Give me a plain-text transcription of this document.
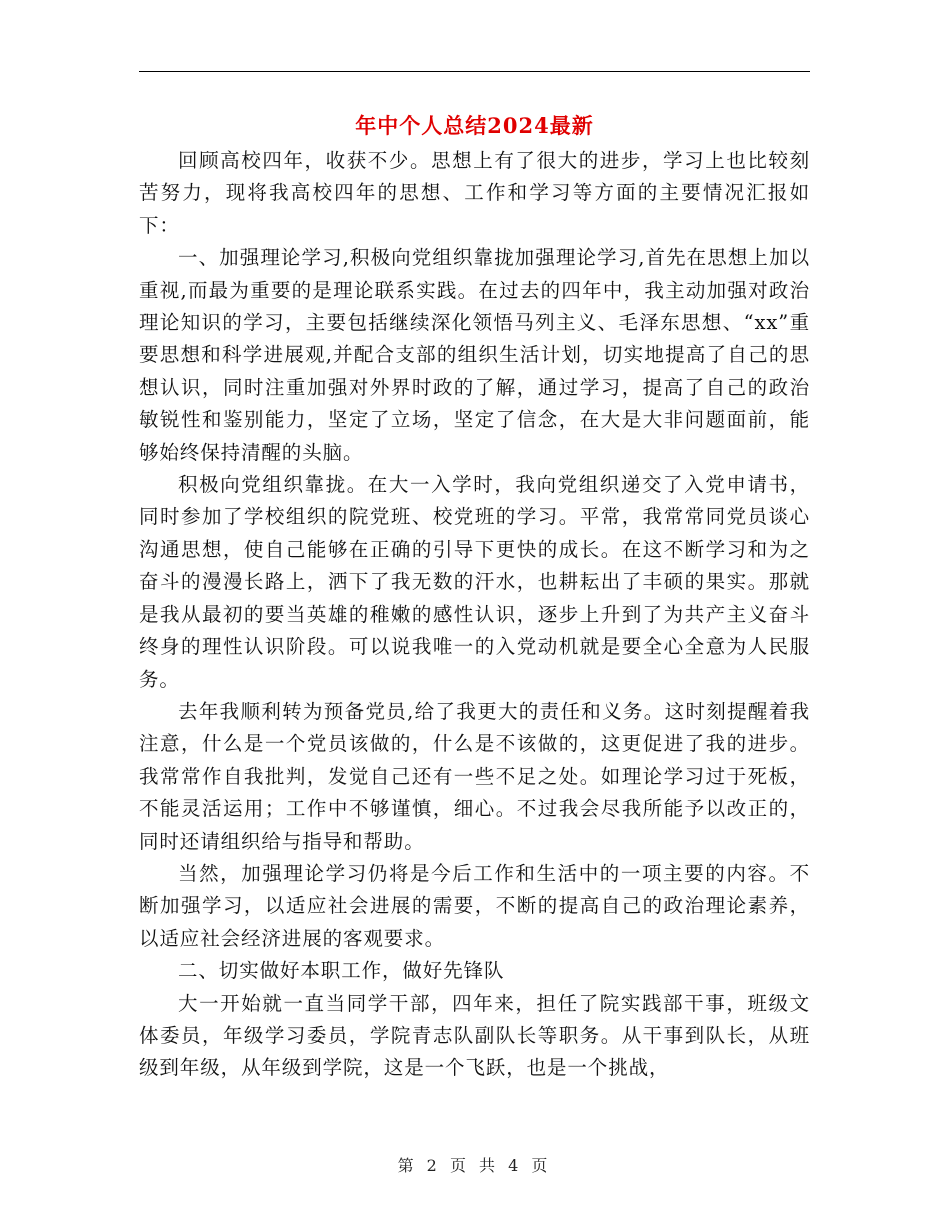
年中个人总结2024最新

回顾高校四年，收获不少。思想上有了很大的进步，学习上也比较刻苦努力，现将我高校四年的思想、工作和学习等方面的主要情况汇报如下：

一、加强理论学习,积极向党组织靠拢加强理论学习,首先在思想上加以重视,而最为重要的是理论联系实践。在过去的四年中，我主动加强对政治理论知识的学习，主要包括继续深化领悟马列主义、毛泽东思想、“xx”重要思想和科学进展观,并配合支部的组织生活计划，切实地提高了自己的思想认识，同时注重加强对外界时政的了解，通过学习，提高了自己的政治敏锐性和鉴别能力，坚定了立场，坚定了信念，在大是大非问题面前，能够始终保持清醒的头脑。

积极向党组织靠拢。在大一入学时，我向党组织递交了入党申请书，同时参加了学校组织的院党班、校党班的学习。平常，我常常同党员谈心沟通思想，使自己能够在正确的引导下更快的成长。在这不断学习和为之奋斗的漫漫长路上，洒下了我无数的汗水，也耕耘出了丰硕的果实。那就是我从最初的要当英雄的稚嫩的感性认识，逐步上升到了为共产主义奋斗终身的理性认识阶段。可以说我唯一的入党动机就是要全心全意为人民服务。

去年我顺利转为预备党员,给了我更大的责任和义务。这时刻提醒着我注意，什么是一个党员该做的，什么是不该做的，这更促进了我的进步。我常常作自我批判，发觉自己还有一些不足之处。如理论学习过于死板，不能灵活运用；工作中不够谨慎，细心。不过我会尽我所能予以改正的，同时还请组织给与指导和帮助。

当然，加强理论学习仍将是今后工作和生活中的一项主要的内容。不断加强学习，以适应社会进展的需要，不断的提高自己的政治理论素养，以适应社会经济进展的客观要求。

二、切实做好本职工作，做好先锋队

大一开始就一直当同学干部，四年来，担任了院实践部干事，班级文体委员，年级学习委员，学院青志队副队长等职务。从干事到队长，从班级到年级，从年级到学院，这是一个飞跃，也是一个挑战，

第 2 页 共 4 页
